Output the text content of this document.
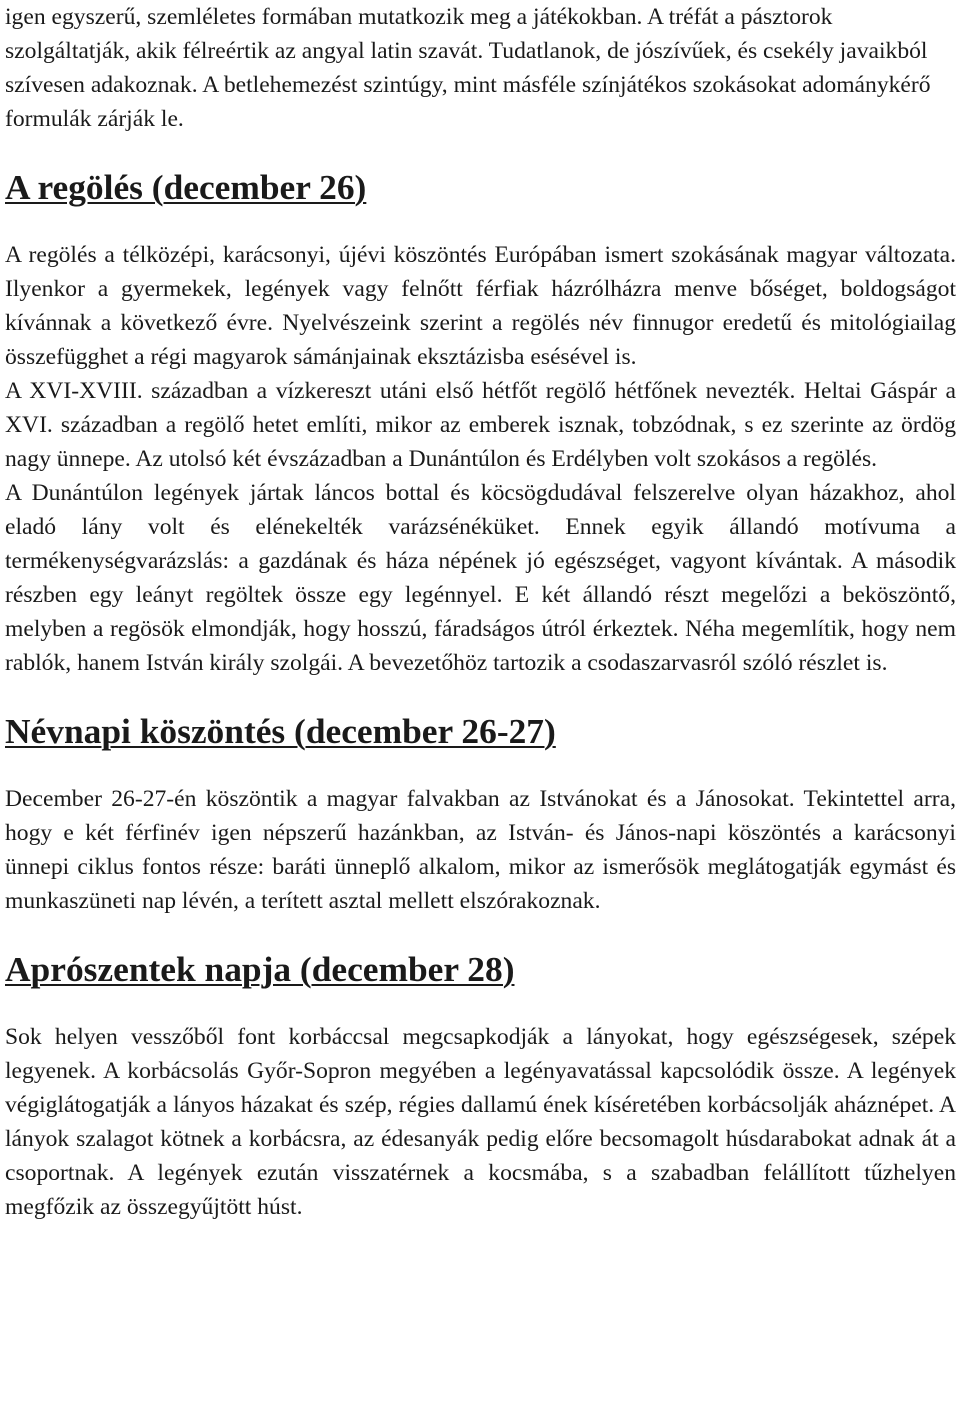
igen egyszerű, szemléletes formában mutatkozik meg a játékokban. A tréfát a pásztorok szolgáltatják, akik félreértik az angyal latin szavát. Tudatlanok, de jószívűek, és csekély javaikból szívesen adakoznak. A betlehemezést szintúgy, mint másféle színjátékos szokásokat adománykérő formulák zárják le.

A regölés (december 26)

A regölés a télközépi, karácsonyi, újévi köszöntés Európában ismert szokásának magyar változata. Ilyenkor a gyermekek, legények vagy felnőtt férfiak házrólházra menve bőséget, boldogságot kívánnak a következő évre. Nyelvészeink szerint a regölés név finnugor eredetű és mitológiailag összefügghet a régi magyarok sámánjainak eksztázisba esésével is.

A XVI-XVIII. században a vízkereszt utáni első hétfőt regölő hétfőnek nevezték. Heltai Gáspár a XVI. században a regölő hetet említi, mikor az emberek isznak, tobzódnak, s ez szerinte az ördög nagy ünnepe. Az utolsó két évszázadban a Dunántúlon és Erdélyben volt szokásos a regölés.

A Dunántúlon legények jártak láncos bottal és köcsögdudával felszerelve olyan házakhoz, ahol eladó lány volt és elénekelték varázsénéküket. Ennek egyik állandó motívuma a termékenységvarázslás: a gazdának és háza népének jó egészséget, vagyont kívántak. A második részben egy leányt regöltek össze egy legénnyel. E két állandó részt megelőzi a beköszöntő, melyben a regösök elmondják, hogy hosszú, fáradságos útról érkeztek. Néha megemlítik, hogy nem rablók, hanem István király szolgái. A bevezetőhöz tartozik a csodaszarvasról szóló részlet is.

Névnapi köszöntés (december 26-27)

December 26-27-én köszöntik a magyar falvakban az Istvánokat és a Jánosokat. Tekintettel arra, hogy e két férfinév igen népszerű hazánkban, az István- és János-napi köszöntés a karácsonyi ünnepi ciklus fontos része: baráti ünneplő alkalom, mikor az ismerősök meglátogatják egymást és munkaszüneti nap lévén, a terített asztal mellett elszórakoznak.

Aprószentek napja (december 28)

Sok helyen vesszőből font korbáccsal megcsapkodják a lányokat, hogy egészségesek, szépek legyenek. A korbácsolás Győr-Sopron megyében a legényavatással kapcsolódik össze. A legények végiglátogatják a lányos házakat és szép, régies dallamú ének kíséretében korbácsolják aháznépet. A lányok szalagot kötnek a korbácsra, az édesanyák pedig előre becsomagolt húsdarabokat adnak át a csoportnak. A legények ezután visszatérnek a kocsmába, s a szabadban felállított tűzhelyen megfőzik az összegyűjtött húst.
